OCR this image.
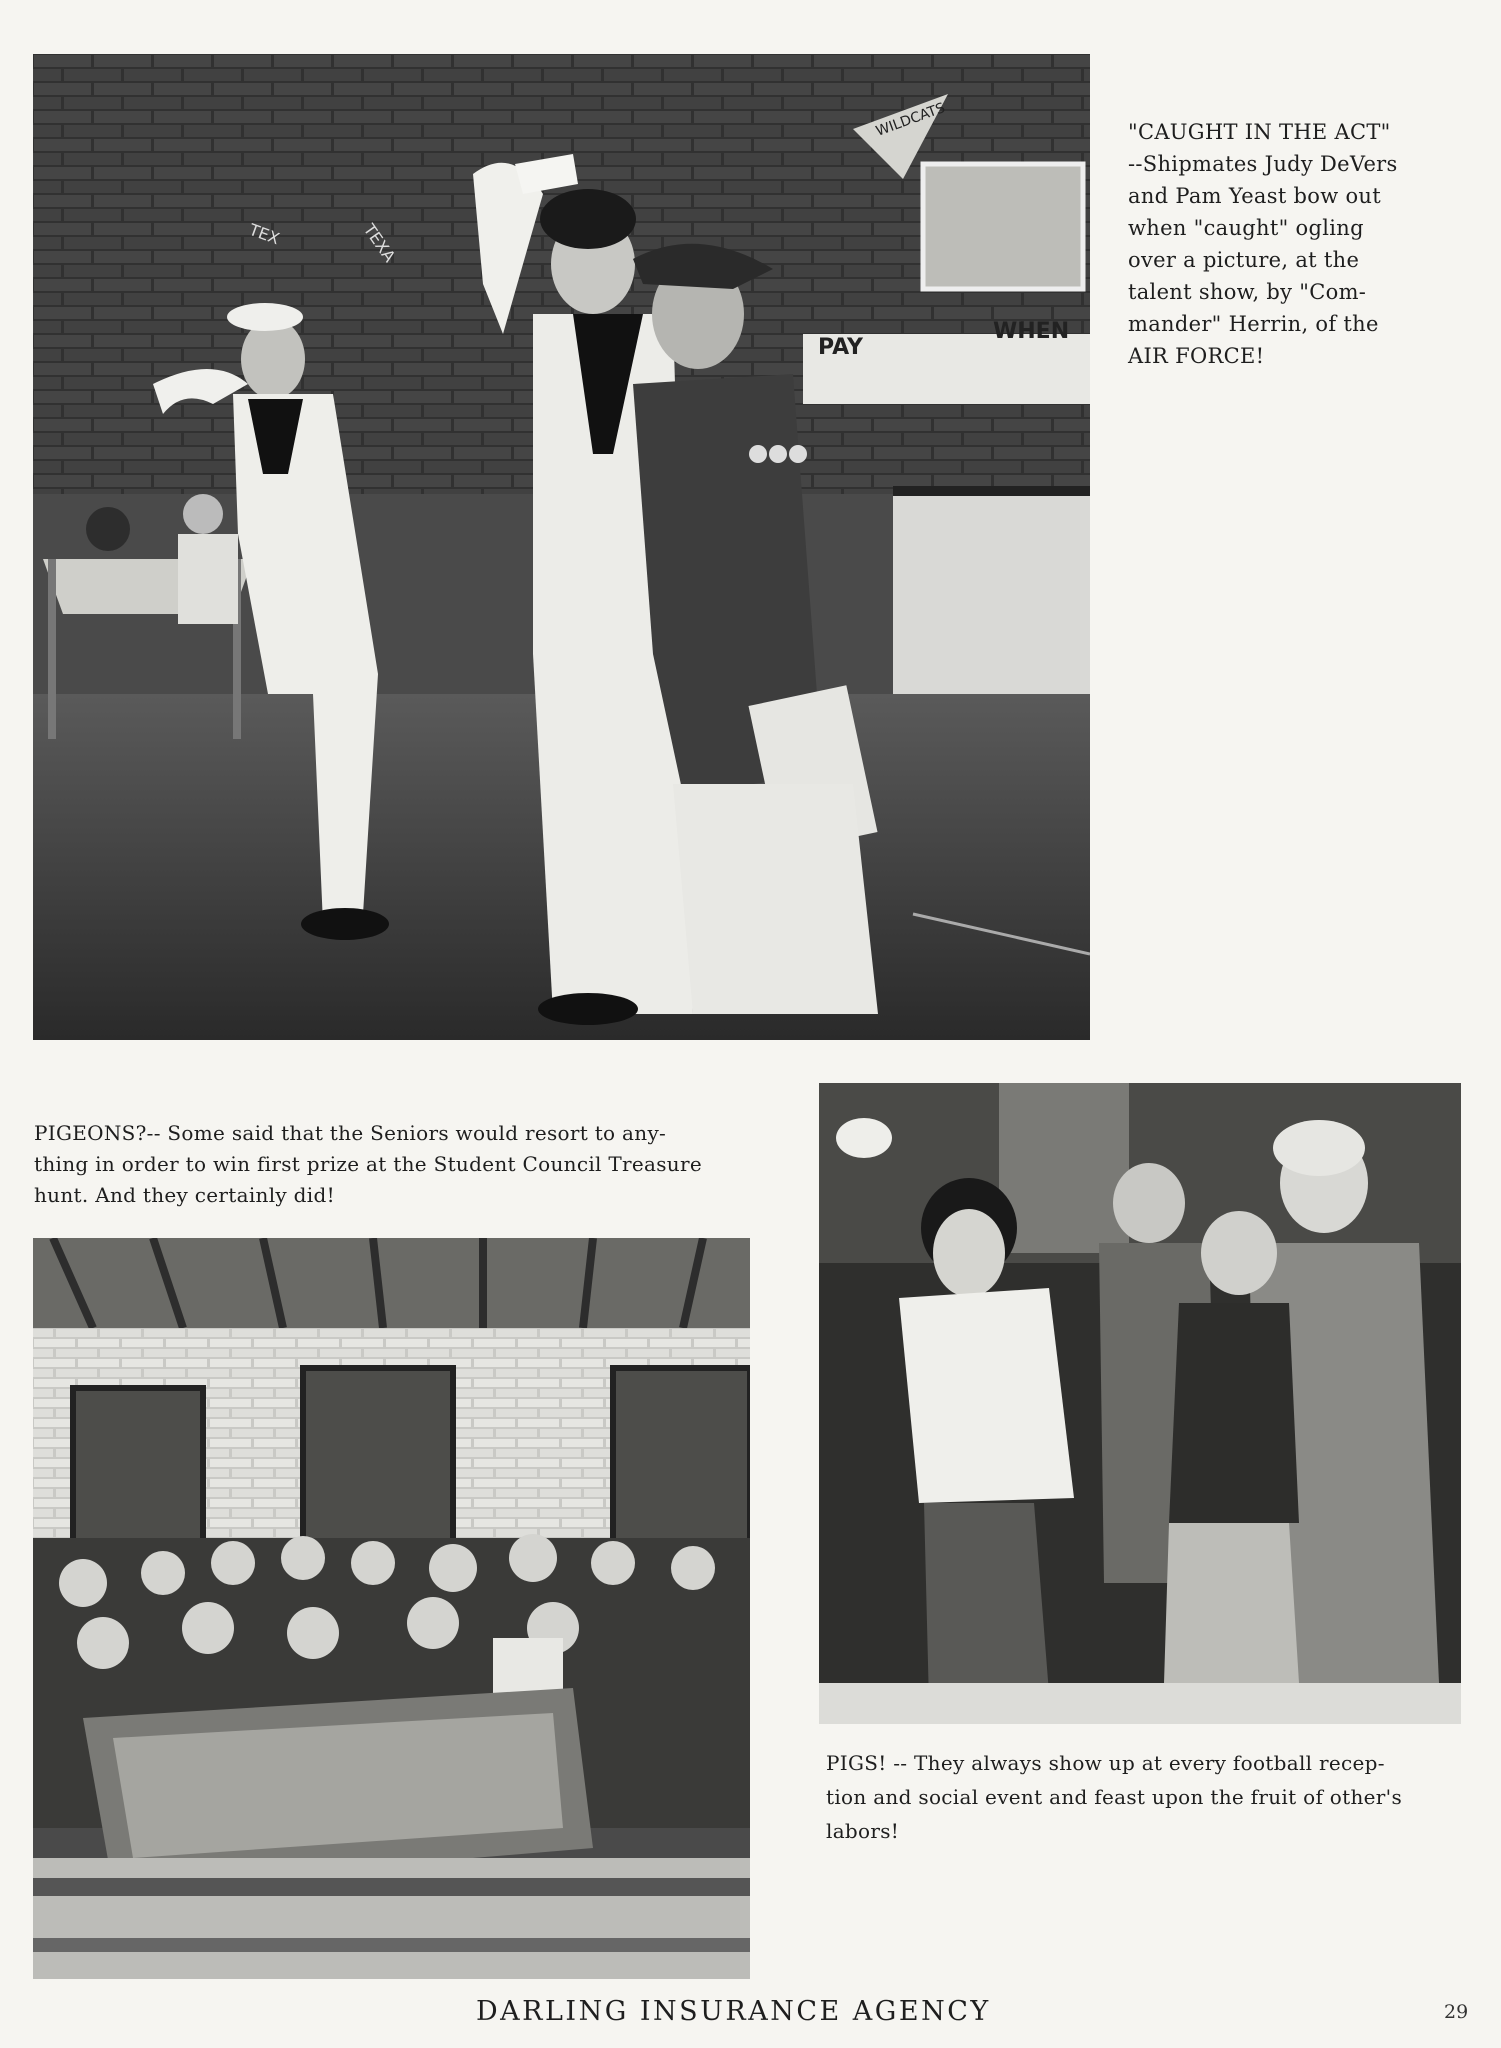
PAY
WHEN
WILDCATS
TEX	TEXA
"CAUGHT IN THE ACT"
--Shipmates Judy DeVers
and Pam Yeast bow out
when "caught" ogling
over a picture, at the
talent show, by "Com-
mander" Herrin, of the
AIR FORCE!
PIGEONS?-- Some said that the Seniors would resort to any-
thing in order to win first prize at the Student Council Treasure
hunt. And they certainly did!
PIGS! -- They always show up at every football recep-
tion and social event and feast upon the fruit of other's
labors!
DARLING INSURANCE AGENCY	29
